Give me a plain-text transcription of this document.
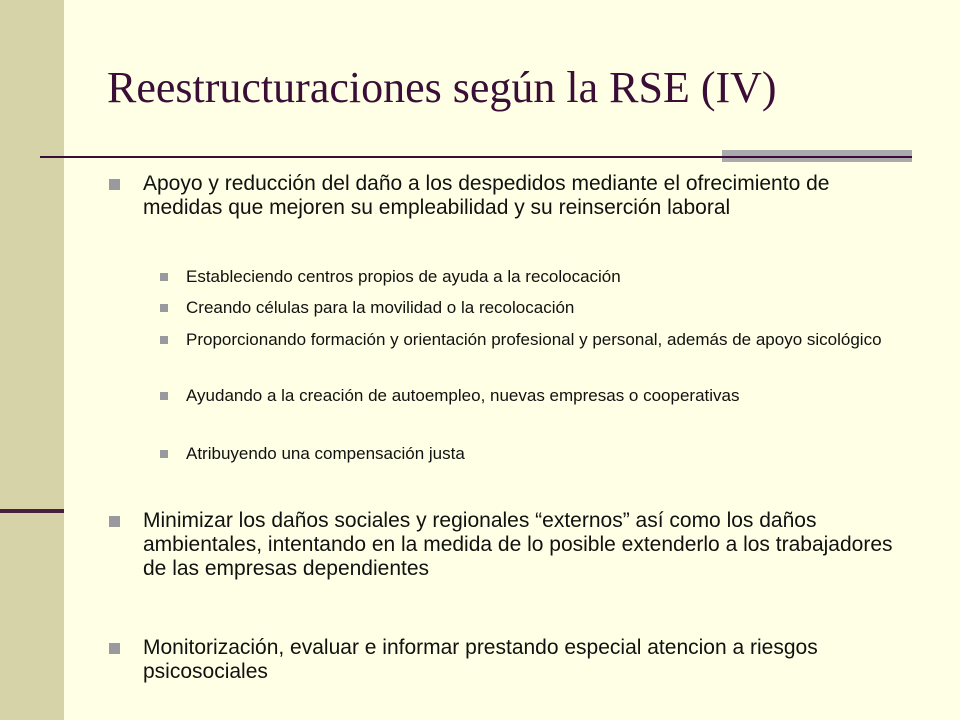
Reestructuraciones según la RSE (IV)
Apoyo y reducción del daño a los despedidos mediante el ofrecimiento de medidas que mejoren su empleabilidad y su reinserción laboral
Estableciendo centros propios de ayuda a la recolocación
Creando células para la movilidad o la recolocación
Proporcionando formación y orientación profesional y personal, además de apoyo sicológico
Ayudando a la creación de autoempleo, nuevas empresas o cooperativas
Atribuyendo una compensación justa
Minimizar los daños sociales y regionales “externos” así como los daños ambientales, intentando en la medida de lo posible extenderlo a los trabajadores de las empresas dependientes
Monitorización, evaluar e informar prestando especial atencion a riesgos psicosociales
